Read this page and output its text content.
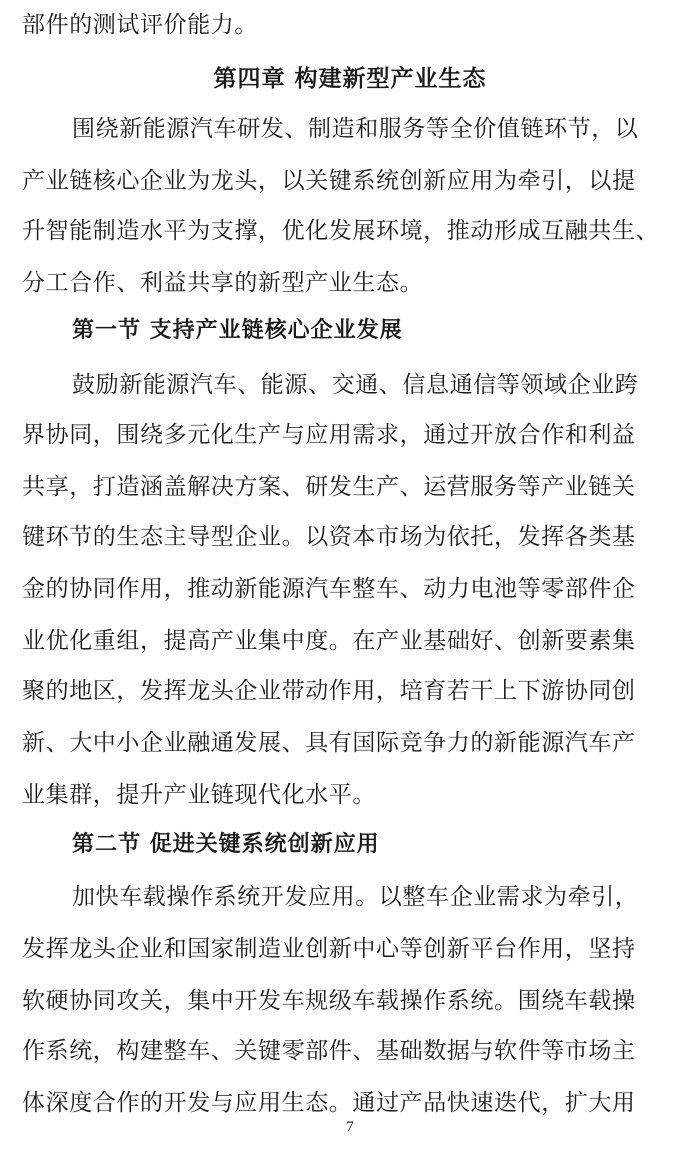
部件的测试评价能力。
第四章 构建新型产业生态
围绕新能源汽车研发、制造和服务等全价值链环节，以
产业链核心企业为龙头，以关键系统创新应用为牵引，以提
升智能制造水平为支撑，优化发展环境，推动形成互融共生、
分工合作、利益共享的新型产业生态。
第一节 支持产业链核心企业发展
鼓励新能源汽车、能源、交通、信息通信等领域企业跨
界协同，围绕多元化生产与应用需求，通过开放合作和利益
共享，打造涵盖解决方案、研发生产、运营服务等产业链关
键环节的生态主导型企业。以资本市场为依托，发挥各类基
金的协同作用，推动新能源汽车整车、动力电池等零部件企
业优化重组，提高产业集中度。在产业基础好、创新要素集
聚的地区，发挥龙头企业带动作用，培育若干上下游协同创
新、大中小企业融通发展、具有国际竞争力的新能源汽车产
业集群，提升产业链现代化水平。
第二节 促进关键系统创新应用
加快车载操作系统开发应用。以整车企业需求为牵引，
发挥龙头企业和国家制造业创新中心等创新平台作用，坚持
软硬协同攻关，集中开发车规级车载操作系统。围绕车载操
作系统，构建整车、关键零部件、基础数据与软件等市场主
体深度合作的开发与应用生态。通过产品快速迭代，扩大用
7
